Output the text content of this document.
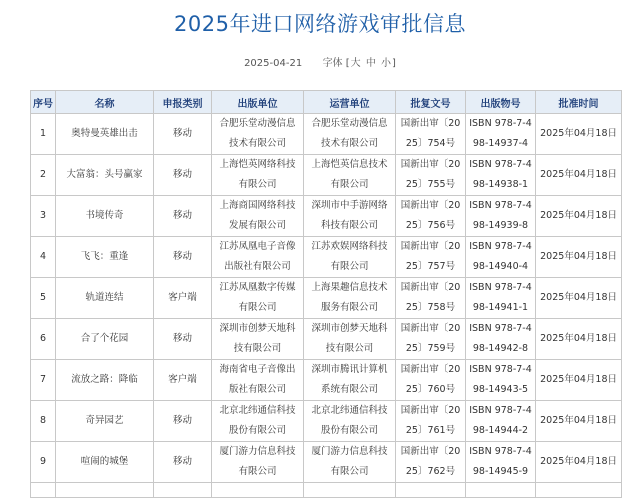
2025年进口网络游戏审批信息
2025-04-21 字体 [大 中 小]
序号	名称	申报类别	出版单位	运营单位	批复文号	出版物号	批准时间
1	奥特曼英雄出击	移动	合肥乐堂动漫信息技术有限公司	合肥乐堂动漫信息技术有限公司	国新出审〔2025〕754号	ISBN 978-7-498-14937-4	2025年04月18日
2	大富翁：头号赢家	移动	上海恺英网络科技有限公司	上海恺英信息技术有限公司	国新出审〔2025〕755号	ISBN 978-7-498-14938-1	2025年04月18日
3	书境传奇	移动	上海商国网络科技发展有限公司	深圳市中手游网络科技有限公司	国新出审〔2025〕756号	ISBN 978-7-498-14939-8	2025年04月18日
4	飞飞：重逢	移动	江苏凤凰电子音像出版社有限公司	江苏欢娱网络科技有限公司	国新出审〔2025〕757号	ISBN 978-7-498-14940-4	2025年04月18日
5	轨道连结	客户端	江苏凤凰数字传媒有限公司	上海果趣信息技术服务有限公司	国新出审〔2025〕758号	ISBN 978-7-498-14941-1	2025年04月18日
6	合了个花园	移动	深圳市创梦天地科技有限公司	深圳市创梦天地科技有限公司	国新出审〔2025〕759号	ISBN 978-7-498-14942-8	2025年04月18日
7	流放之路：降临	客户端	海南省电子音像出版社有限公司	深圳市腾讯计算机系统有限公司	国新出审〔2025〕760号	ISBN 978-7-498-14943-5	2025年04月18日
8	奇异园艺	移动	北京北纬通信科技股份有限公司	北京北纬通信科技股份有限公司	国新出审〔2025〕761号	ISBN 978-7-498-14944-2	2025年04月18日
9	喧闹的城堡	移动	厦门游力信息科技有限公司	厦门游力信息科技有限公司	国新出审〔2025〕762号	ISBN 978-7-498-14945-9	2025年04月18日
